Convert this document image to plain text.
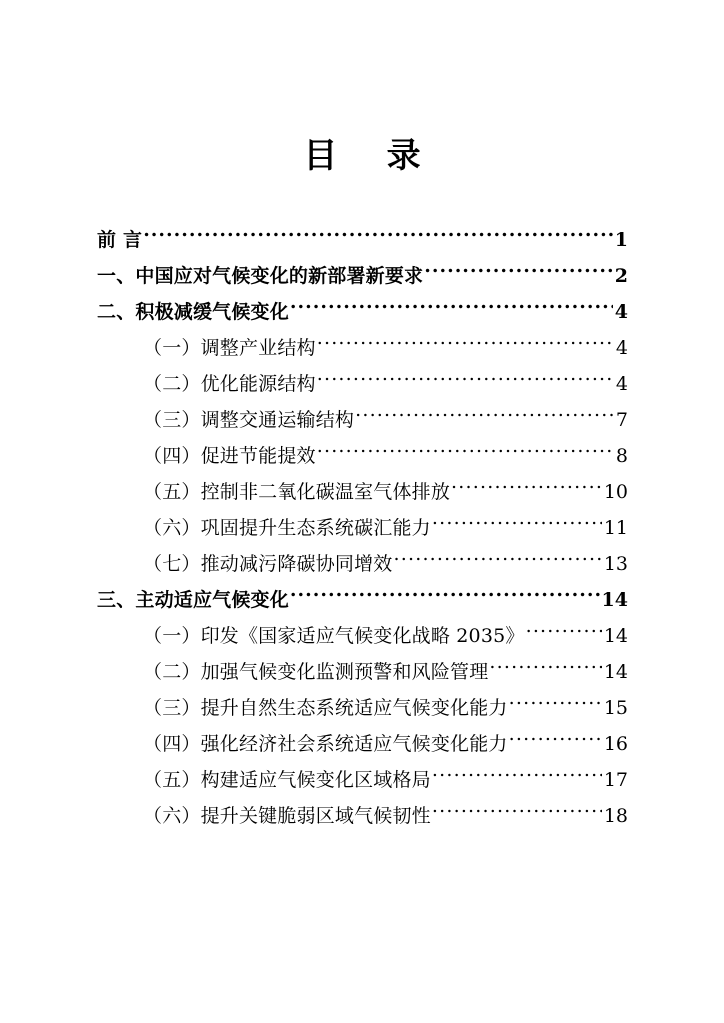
目 录
前 言 .....	1
一、中国应对气候变化的新部署新要求 .....	2
二、积极减缓气候变化 .....	4
（一）调整产业结构 .....	4
（二）优化能源结构 .....	4
（三）调整交通运输结构 .....	7
（四）促进节能提效 .....	8
（五）控制非二氧化碳温室气体排放 .....	10
（六）巩固提升生态系统碳汇能力 .....	11
（七）推动减污降碳协同增效 .....	13
三、主动适应气候变化 .....	14
（一）印发《国家适应气候变化战略 2035》 .....	14
（二）加强气候变化监测预警和风险管理 .....	14
（三）提升自然生态系统适应气候变化能力 .....	15
（四）强化经济社会系统适应气候变化能力 .....	16
（五）构建适应气候变化区域格局 .....	17
（六）提升关键脆弱区域气候韧性 .....	18
